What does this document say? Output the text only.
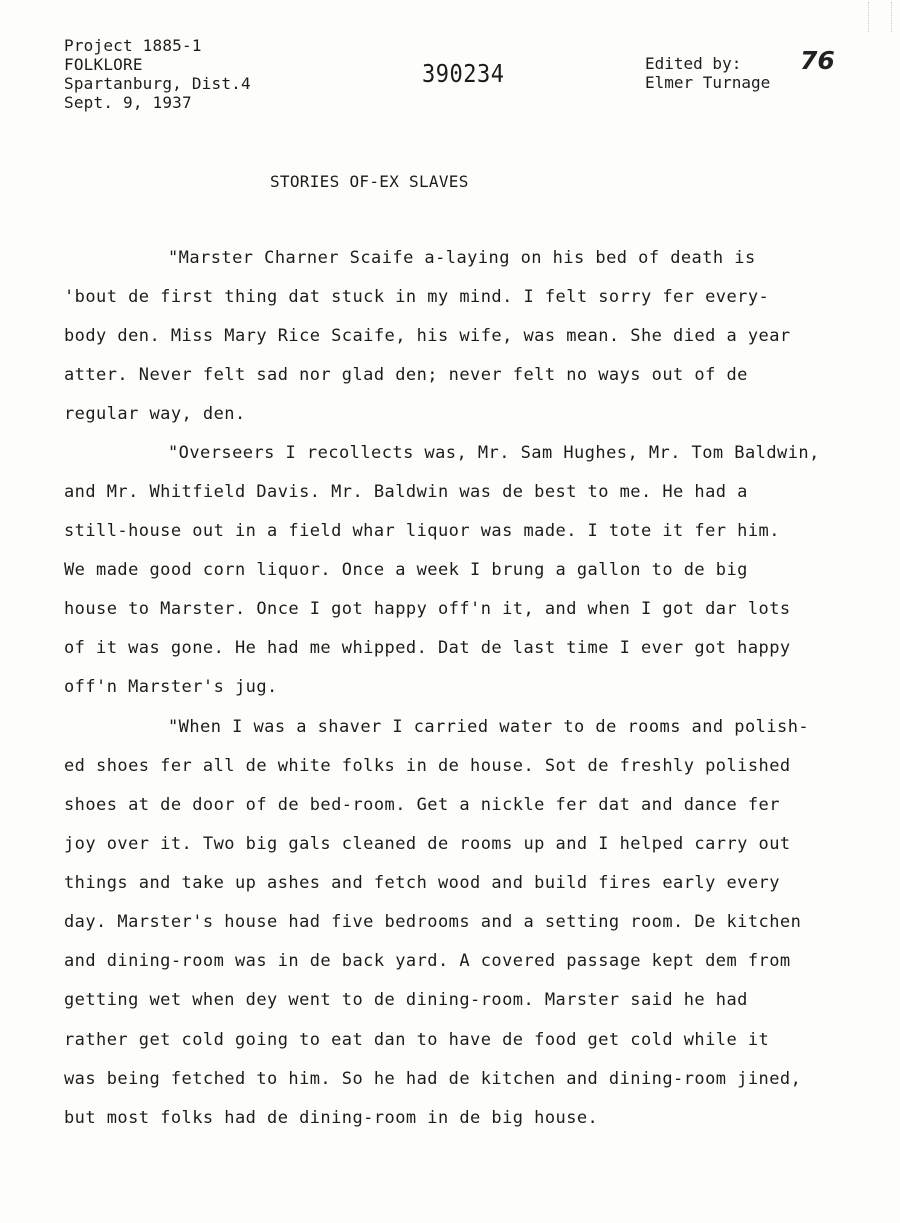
Project 1885-1
FOLKLORE
Spartanburg, Dist.4
Sept. 9, 1937
390234	Edited by:
Elmer Turnage
76
STORIES OF-EX SLAVES
"Marster Charner Scaife a-laying on his bed of death is
'bout de first thing dat stuck in my mind. I felt sorry fer every-
body den. Miss Mary Rice Scaife, his wife, was mean. She died a year
atter. Never felt sad nor glad den; never felt no ways out of de
regular way, den.
"Overseers I recollects was, Mr. Sam Hughes, Mr. Tom Baldwin,
and Mr. Whitfield Davis. Mr. Baldwin was de best to me. He had a
still-house out in a field whar liquor was made. I tote it fer him.
We made good corn liquor. Once a week I brung a gallon to de big
house to Marster. Once I got happy off'n it, and when I got dar lots
of it was gone. He had me whipped. Dat de last time I ever got happy
off'n Marster's jug.
"When I was a shaver I carried water to de rooms and polish-
ed shoes fer all de white folks in de house. Sot de freshly polished
shoes at de door of de bed-room. Get a nickle fer dat and dance fer
joy over it. Two big gals cleaned de rooms up and I helped carry out
things and take up ashes and fetch wood and build fires early every
day. Marster's house had five bedrooms and a setting room. De kitchen
and dining-room was in de back yard. A covered passage kept dem from
getting wet when dey went to de dining-room. Marster said he had
rather get cold going to eat dan to have de food get cold while it
was being fetched to him. So he had de kitchen and dining-room jined,
but most folks had de dining-room in de big house.
